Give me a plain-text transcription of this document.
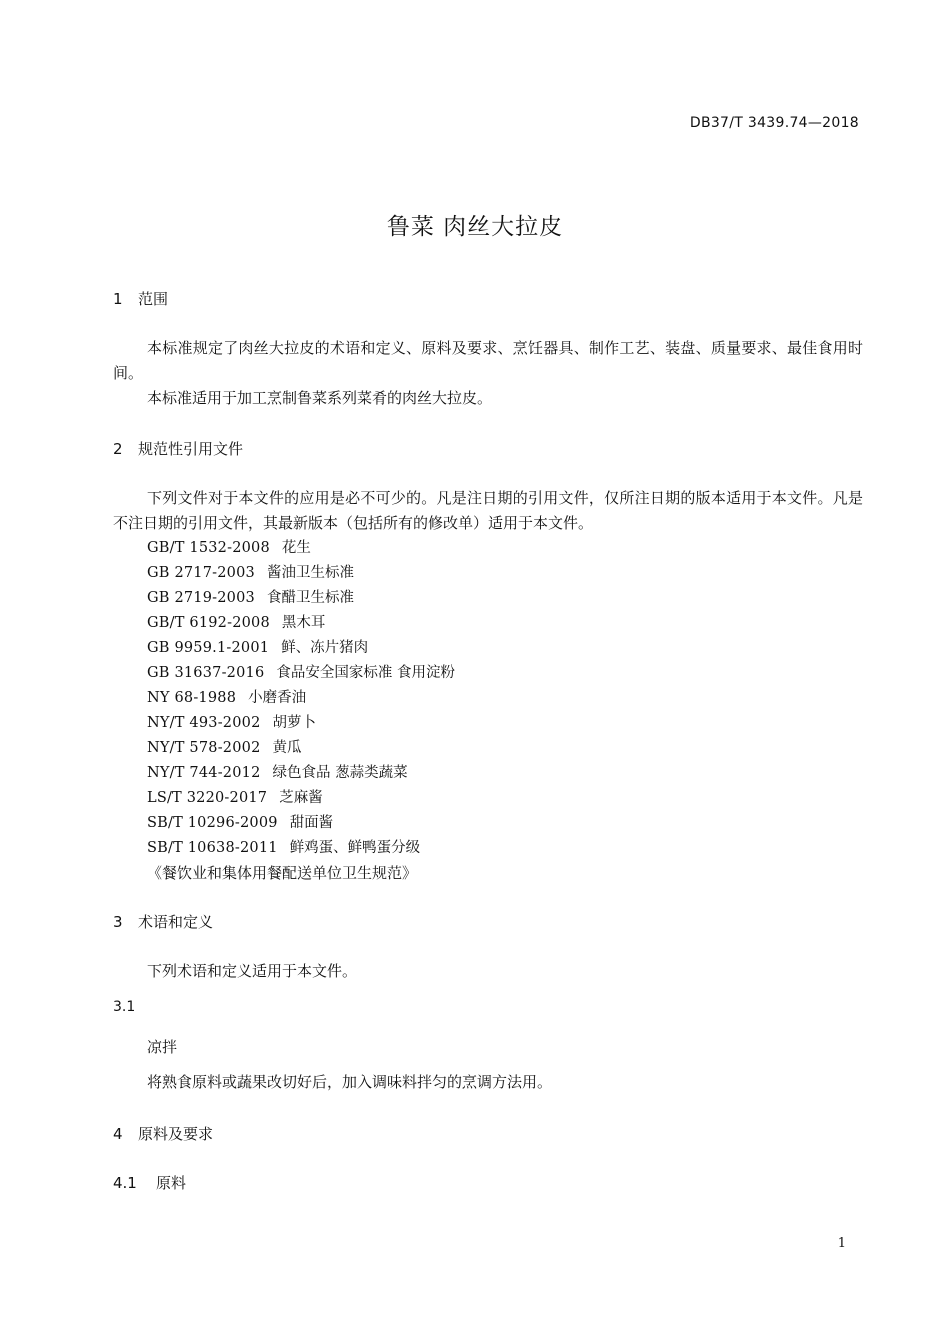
DB37/T 3439.74—2018
鲁菜 肉丝大拉皮
1 范围
本标准规定了肉丝大拉皮的术语和定义、原料及要求、烹饪器具、制作工艺、装盘、质量要求、最佳食用时间。
本标准适用于加工烹制鲁菜系列菜肴的肉丝大拉皮。
2 规范性引用文件
下列文件对于本文件的应用是必不可少的。凡是注日期的引用文件，仅所注日期的版本适用于本文件。凡是不注日期的引用文件，其最新版本（包括所有的修改单）适用于本文件。
GB/T 1532-2008 花生
GB 2717-2003 酱油卫生标准
GB 2719-2003 食醋卫生标准
GB/T 6192-2008 黑木耳
GB 9959.1-2001 鲜、冻片猪肉
GB 31637-2016 食品安全国家标准 食用淀粉
NY 68-1988 小磨香油
NY/T 493-2002 胡萝卜
NY/T 578-2002 黄瓜
NY/T 744-2012 绿色食品 葱蒜类蔬菜
LS/T 3220-2017 芝麻酱
SB/T 10296-2009 甜面酱
SB/T 10638-2011 鲜鸡蛋、鲜鸭蛋分级
《餐饮业和集体用餐配送单位卫生规范》
3 术语和定义
下列术语和定义适用于本文件。
3.1
凉拌
将熟食原料或蔬果改切好后，加入调味料拌匀的烹调方法用。
4 原料及要求
4.1 原料
1
